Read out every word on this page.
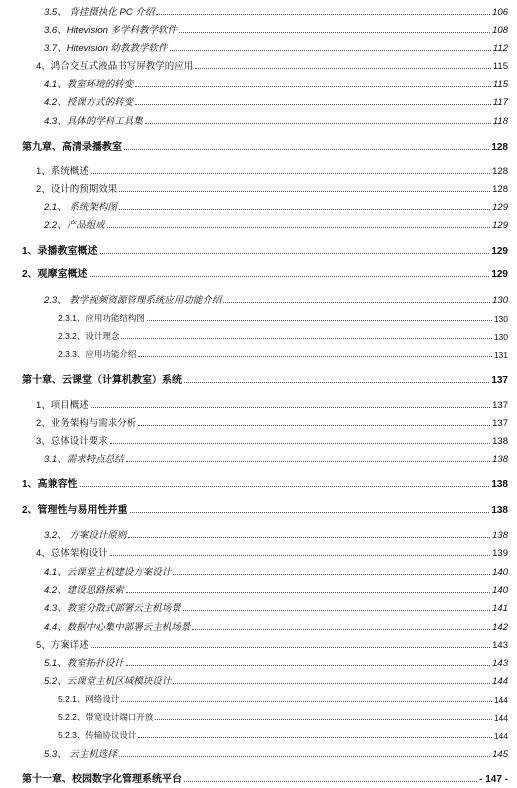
3.5、 背挂摄执化 PC 介绍	106
3.6、Hitevision 多学科教学软件	108
3.7、Hitevision 幼教教学软件	112
4、鸿合交互式液晶书写屏教学的应用	115
4.1、教室环境的转变	115
4.2、授课方式的转变	117
4.3、具体的学科工具集	118
第九章、高清录播教室	128
1、系统概述	128
2、设计的预期效果	128
2.1、 系统架构图	129
2.2、产品组成	129
1、录播教室概述	129
2、观摩室概述	129
2.3、 教学视频资源管理系统应用功能介绍	130
2.3.1、应用功能结构图	130
2.3.2、设计理念	130
2.3.3、应用功能介绍	131
第十章、云课堂（计算机教室）系统	137
1、项目概述	137
2、业务架构与需求分析	137
3、总体设计要求	138
3.1、需求特点总结	138
1、高兼容性	138
2、管理性与易用性并重	138
3.2、 方案设计原则	138
4、总体架构设计	139
4.1、云课堂主机建设方案设计	140
4.2、建设思路探索	140
4.3、教室分散式部署云主机场景	141
4.4、数据中心集中部署云主机场景	142
5、方案详述	143
5.1、教室拓扑设计	143
5.2、云课堂主机区域模块设计	144
5.2.1、网络设计	144
5.2.2、带宽设计端口开放	144
5.2.3、传输协议设计	144
5.3、 云主机选择	145
第十一章、校园数字化管理系统平台	- 147 -
